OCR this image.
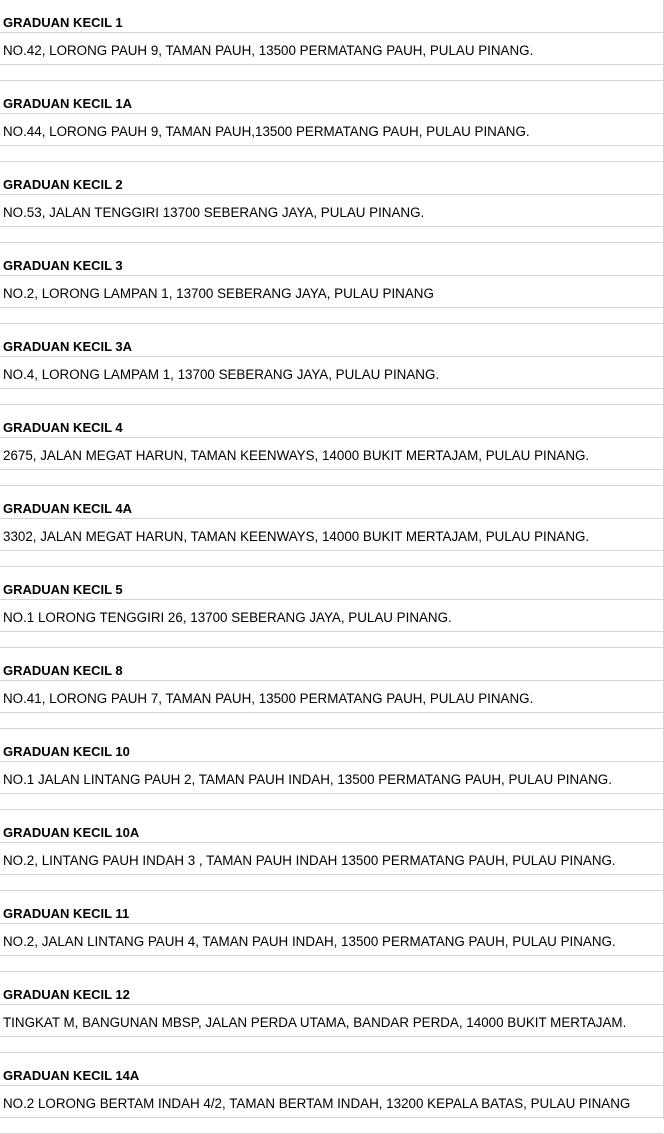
GRADUAN KECIL 1
NO.42, LORONG PAUH 9, TAMAN PAUH, 13500 PERMATANG PAUH, PULAU PINANG.
GRADUAN KECIL 1A
NO.44, LORONG PAUH 9, TAMAN PAUH,13500 PERMATANG PAUH, PULAU PINANG.
GRADUAN KECIL 2
NO.53, JALAN TENGGIRI 13700 SEBERANG JAYA, PULAU PINANG.
GRADUAN KECIL 3
NO.2, LORONG LAMPAN 1, 13700 SEBERANG JAYA, PULAU PINANG
GRADUAN KECIL 3A
NO.4, LORONG LAMPAM 1, 13700 SEBERANG JAYA, PULAU PINANG.
GRADUAN KECIL 4
2675, JALAN MEGAT HARUN, TAMAN KEENWAYS, 14000 BUKIT MERTAJAM, PULAU PINANG.
GRADUAN KECIL 4A
3302, JALAN MEGAT HARUN, TAMAN KEENWAYS, 14000 BUKIT MERTAJAM, PULAU PINANG.
GRADUAN KECIL 5
NO.1 LORONG TENGGIRI 26, 13700 SEBERANG JAYA, PULAU PINANG.
GRADUAN KECIL 8
NO.41, LORONG PAUH 7, TAMAN PAUH, 13500 PERMATANG PAUH, PULAU PINANG.
GRADUAN KECIL 10
NO.1 JALAN LINTANG PAUH 2, TAMAN PAUH INDAH, 13500 PERMATANG PAUH, PULAU PINANG.
GRADUAN KECIL 10A
NO.2, LINTANG PAUH INDAH 3 , TAMAN PAUH INDAH 13500 PERMATANG PAUH, PULAU PINANG.
GRADUAN KECIL 11
NO.2, JALAN LINTANG PAUH 4, TAMAN PAUH INDAH, 13500 PERMATANG PAUH, PULAU PINANG.
GRADUAN KECIL 12
TINGKAT M, BANGUNAN MBSP, JALAN PERDA UTAMA, BANDAR PERDA, 14000 BUKIT MERTAJAM.
GRADUAN KECIL 14A
NO.2 LORONG BERTAM INDAH 4/2, TAMAN BERTAM INDAH, 13200 KEPALA BATAS, PULAU PINANG
